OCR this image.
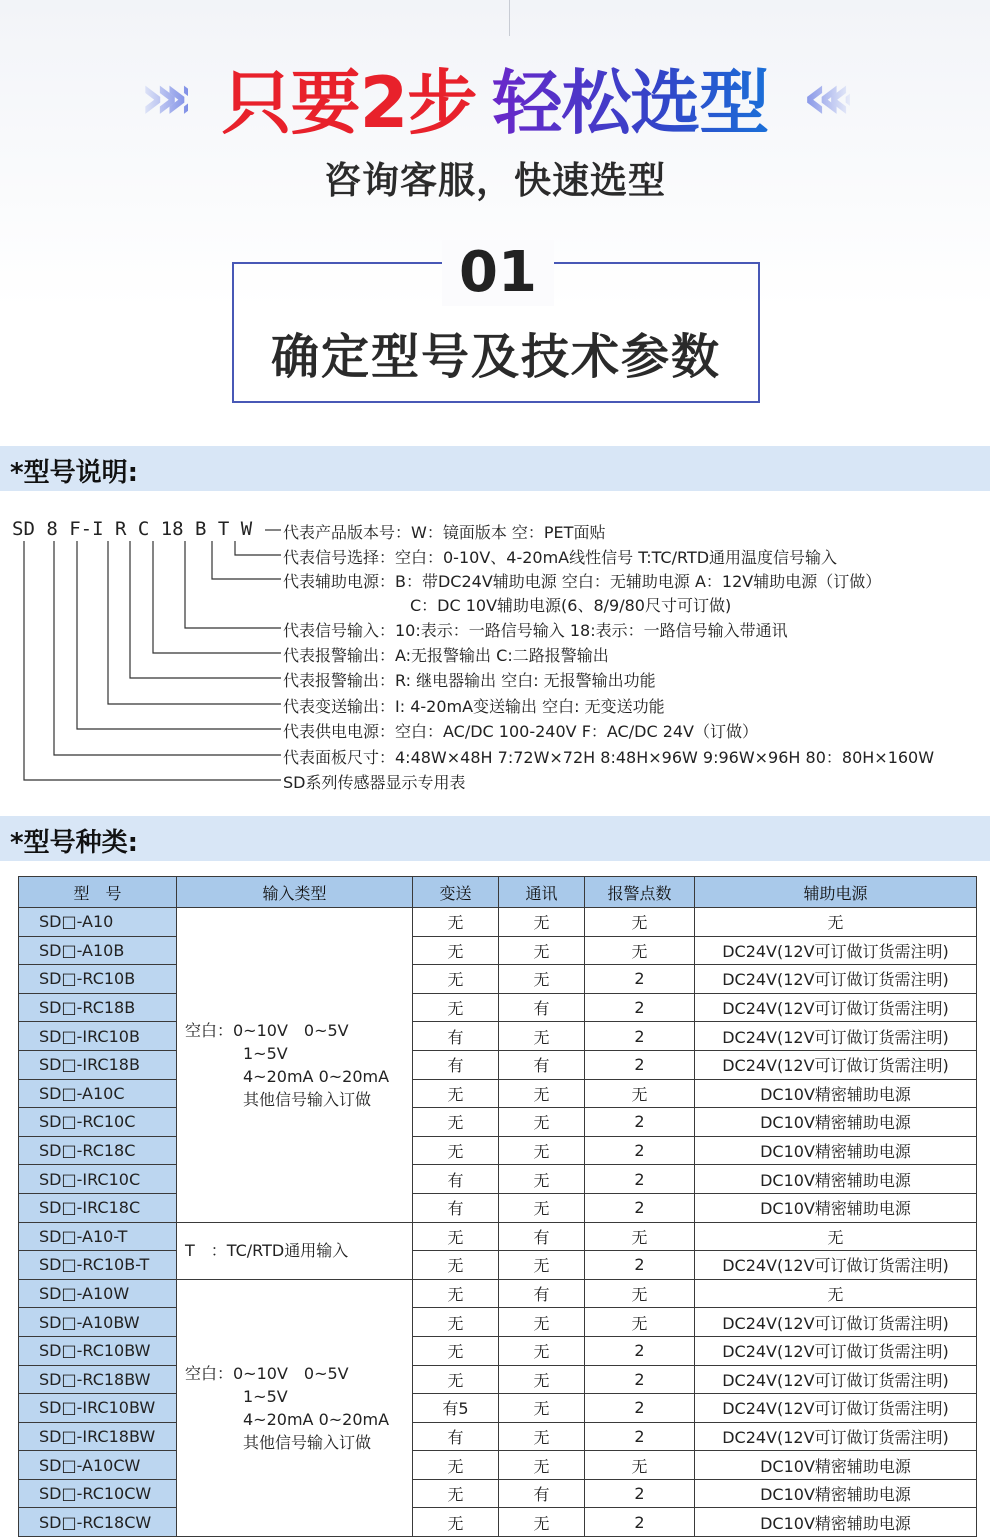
»» 只要2步 轻松选型 ««
咨询客服，快速选型
01
确定型号及技术参数
*型号说明:
SD 8 F-I R C 18 B T W 代表产品版本号：W：镜面版本 空：PET面贴
代表信号选择：空白：0-10V、4-20mA线性信号 T:TC/RTD通用温度信号输入
代表辅助电源：B：带DC24V辅助电源 空白：无辅助电源 A：12V辅助电源（订做）
C：DC 10V辅助电源(6、8/9/80尺寸可订做)
代表信号输入：10:表示：一路信号输入 18:表示：一路信号输入带通讯
代表报警输出：A:无报警输出 C:二路报警输出
代表报警输出：R: 继电器输出 空白: 无报警输出功能
代表变送输出：I: 4-20mA变送输出 空白: 无变送功能
代表供电电源：空白：AC/DC 100-240V F：AC/DC 24V（订做）
代表面板尺寸：4:48W×48H 7:72W×72H 8:48H×96W 9:96W×96H 80：80H×160W
SD系列传感器显示专用表
*型号种类:
型　号	输入类型	变送	通讯	报警点数	辅助电源
SD□-A10	空白：0~10V　0~5V
1~5V
4~20mA 0~20mA
其他信号输入订做	无	无	无	无
SD□-A10B		无	无	无	DC24V(12V可订做订货需注明)
SD□-RC10B		无	无	2	DC24V(12V可订做订货需注明)
SD□-RC18B		无	有	2	DC24V(12V可订做订货需注明)
SD□-IRC10B		有	无	2	DC24V(12V可订做订货需注明)
SD□-IRC18B		有	有	2	DC24V(12V可订做订货需注明)
SD□-A10C		无	无	无	DC10V精密辅助电源
SD□-RC10C		无	无	2	DC10V精密辅助电源
SD□-RC18C		无	无	2	DC10V精密辅助电源
SD□-IRC10C		有	无	2	DC10V精密辅助电源
SD□-IRC18C		有	无	2	DC10V精密辅助电源
SD□-A10-T	T　：TC/RTD通用输入	无	有	无	无
SD□-RC10B-T		无	无	2	DC24V(12V可订做订货需注明)
SD□-A10W	空白：0~10V　0~5V
1~5V
4~20mA 0~20mA
其他信号输入订做	无	有	无	无
SD□-A10BW		无	无	无	DC24V(12V可订做订货需注明)
SD□-RC10BW		无	无	2	DC24V(12V可订做订货需注明)
SD□-RC18BW		无	无	2	DC24V(12V可订做订货需注明)
SD□-IRC10BW		有5	无	2	DC24V(12V可订做订货需注明)
SD□-IRC18BW		有	无	2	DC24V(12V可订做订货需注明)
SD□-A10CW		无	无	无	DC10V精密辅助电源
SD□-RC10CW		无	有	2	DC10V精密辅助电源
SD□-RC18CW		无	无	2	DC10V精密辅助电源
